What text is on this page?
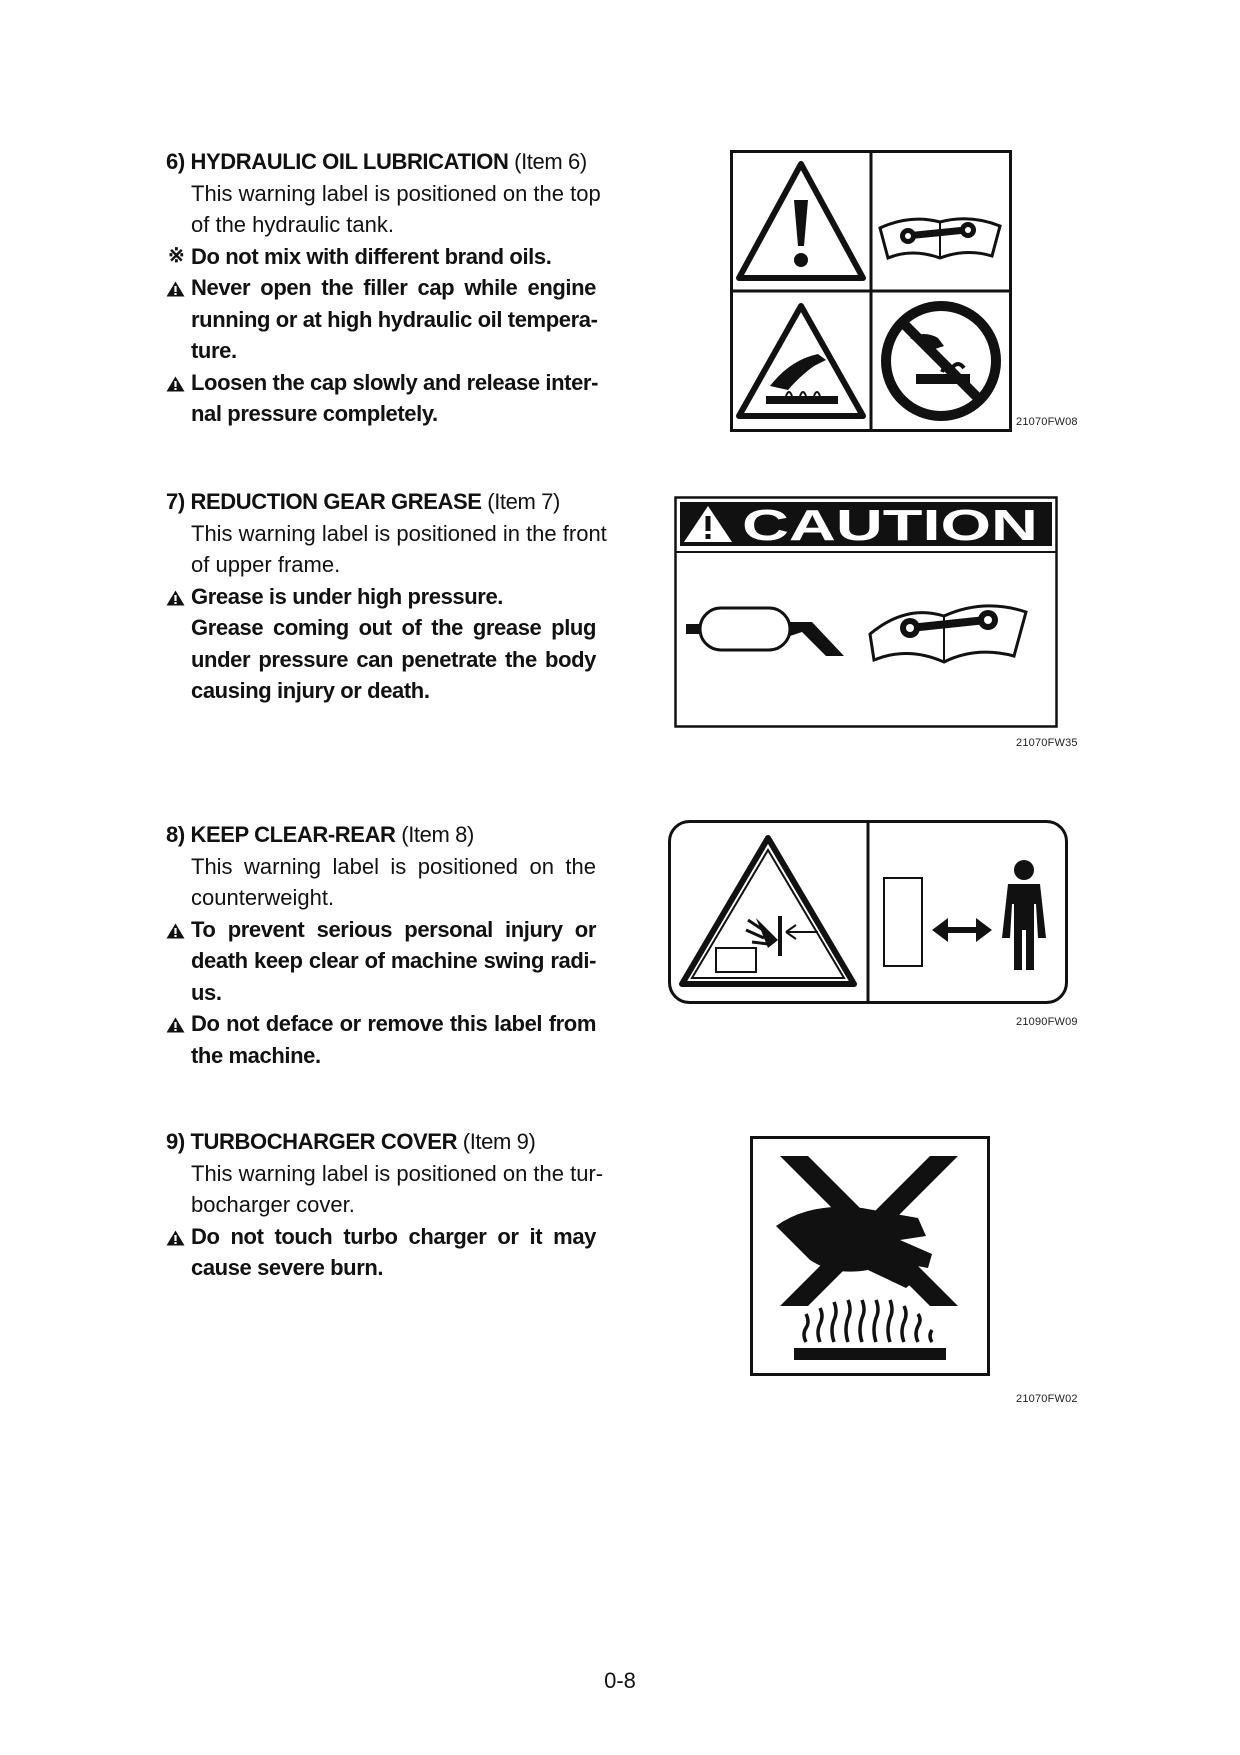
6) HYDRAULIC OIL LUBRICATION (Item 6)
This warning label is positioned on the top
of the hydraulic tank.
※ Do not mix with different brand oils.
Never open the filler cap while engine
running or at high hydraulic oil tempera-
ture.
Loosen the cap slowly and release inter-
nal pressure completely.	21070FW08
7) REDUCTION GEAR GREASE (Item 7)
This warning label is positioned in the front
of upper frame.
Grease is under high pressure.
Grease coming out of the grease plug
under pressure can penetrate the body
causing injury or death.
CAUTION
21070FW35
8) KEEP CLEAR-REAR (Item 8)
This warning label is positioned on the
counterweight.
To prevent serious personal injury or
death keep clear of machine swing radi-
us.
Do not deface or remove this label from
the machine.
21090FW09
9) TURBOCHARGER COVER (Item 9)
This warning label is positioned on the tur-
bocharger cover.
Do not touch turbo charger or it may
cause severe burn.
21070FW02
0-8
